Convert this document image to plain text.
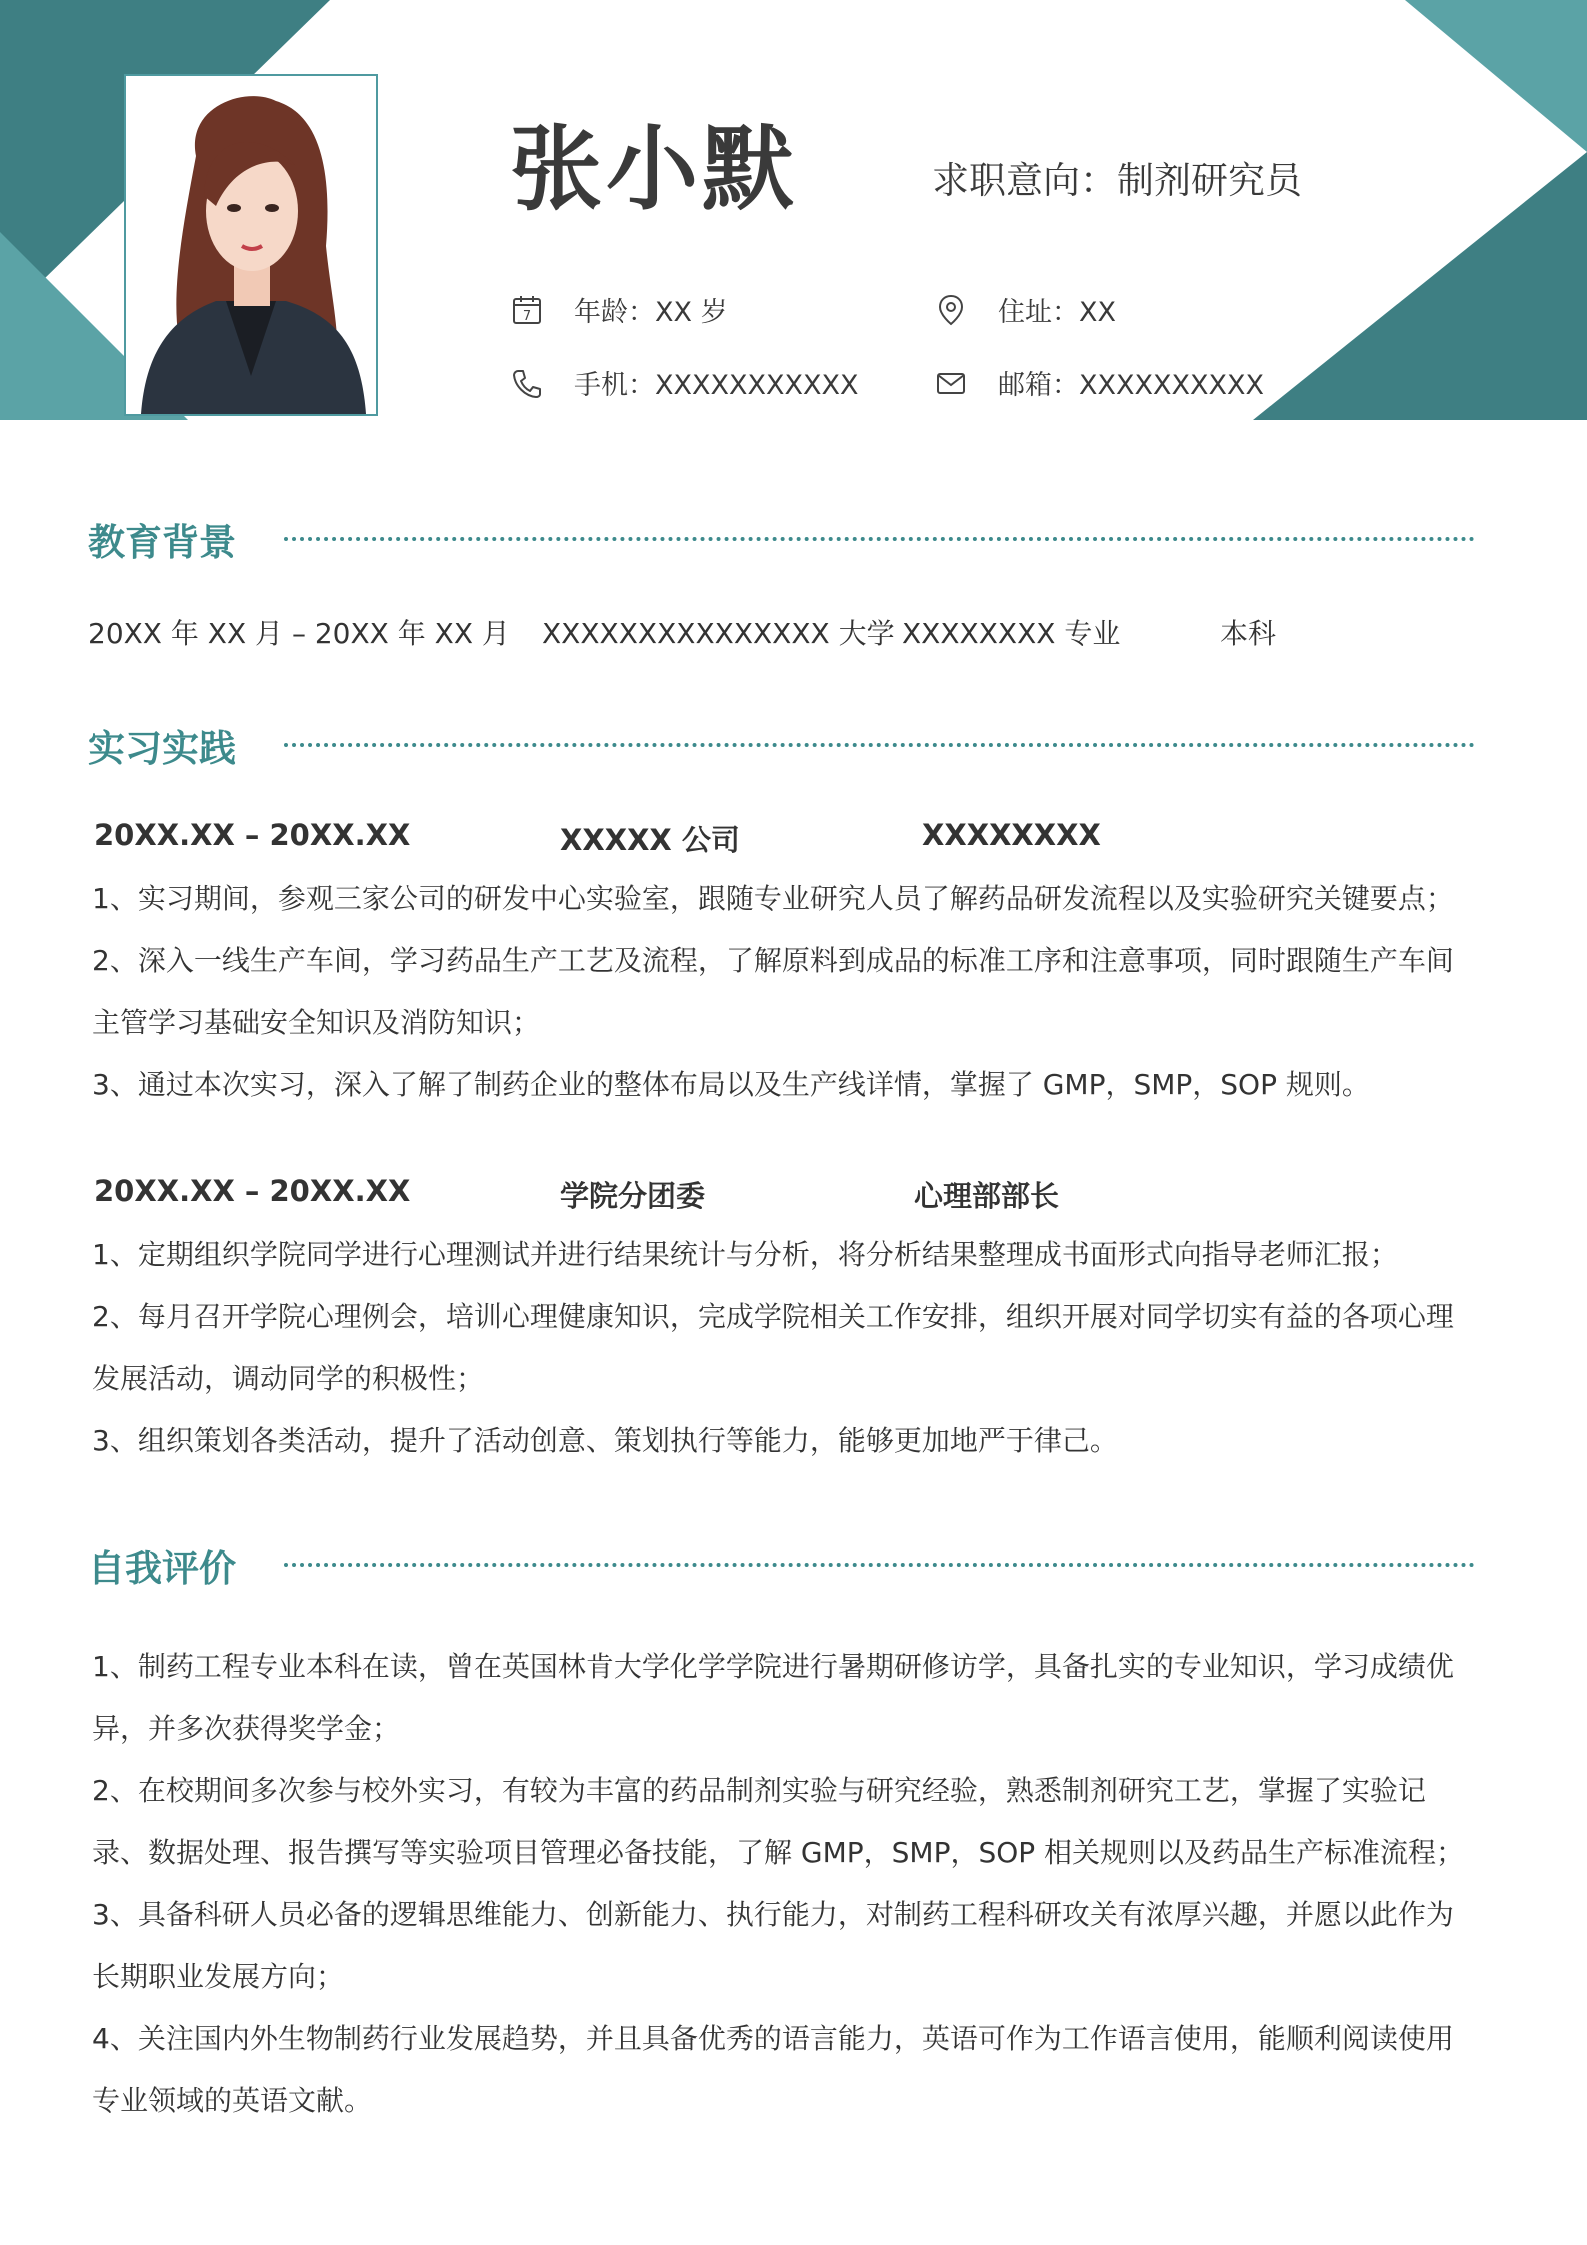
张小默	求职意向：制剂研究员
7 年龄：XX 岁	住址：XX
手机：XXXXXXXXXXX	邮箱：XXXXXXXXXX
教育背景
20XX 年 XX 月 – 20XX 年 XX 月 XXXXXXXXXXXXXXX 大学 XXXXXXXX 专业	本科
实习实践
20XX.XX – 20XX.XX	XXXXX 公司	XXXXXXXX

1、实习期间，参观三家公司的研发中心实验室，跟随专业研究人员了解药品研发流程以及实验研究关键要点；

2、深入一线生产车间，学习药品生产工艺及流程，了解原料到成品的标准工序和注意事项，同时跟随生产车间主管学习基础安全知识及消防知识；

3、通过本次实习，深入了解了制药企业的整体布局以及生产线详情，掌握了 GMP，SMP，SOP 规则。

20XX.XX – 20XX.XX	学院分团委	心理部部长

1、定期组织学院同学进行心理测试并进行结果统计与分析，将分析结果整理成书面形式向指导老师汇报；

2、每月召开学院心理例会，培训心理健康知识，完成学院相关工作安排，组织开展对同学切实有益的各项心理发展活动，调动同学的积极性；

3、组织策划各类活动，提升了活动创意、策划执行等能力，能够更加地严于律己。

自我评价

1、制药工程专业本科在读，曾在英国林肯大学化学学院进行暑期研修访学，具备扎实的专业知识，学习成绩优异，并多次获得奖学金；

2、在校期间多次参与校外实习，有较为丰富的药品制剂实验与研究经验，熟悉制剂研究工艺，掌握了实验记录、数据处理、报告撰写等实验项目管理必备技能，了解 GMP，SMP，SOP 相关规则以及药品生产标准流程；

3、具备科研人员必备的逻辑思维能力、创新能力、执行能力，对制药工程科研攻关有浓厚兴趣，并愿以此作为长期职业发展方向；

4、关注国内外生物制药行业发展趋势，并且具备优秀的语言能力，英语可作为工作语言使用，能顺利阅读使用专业领域的英语文献。
